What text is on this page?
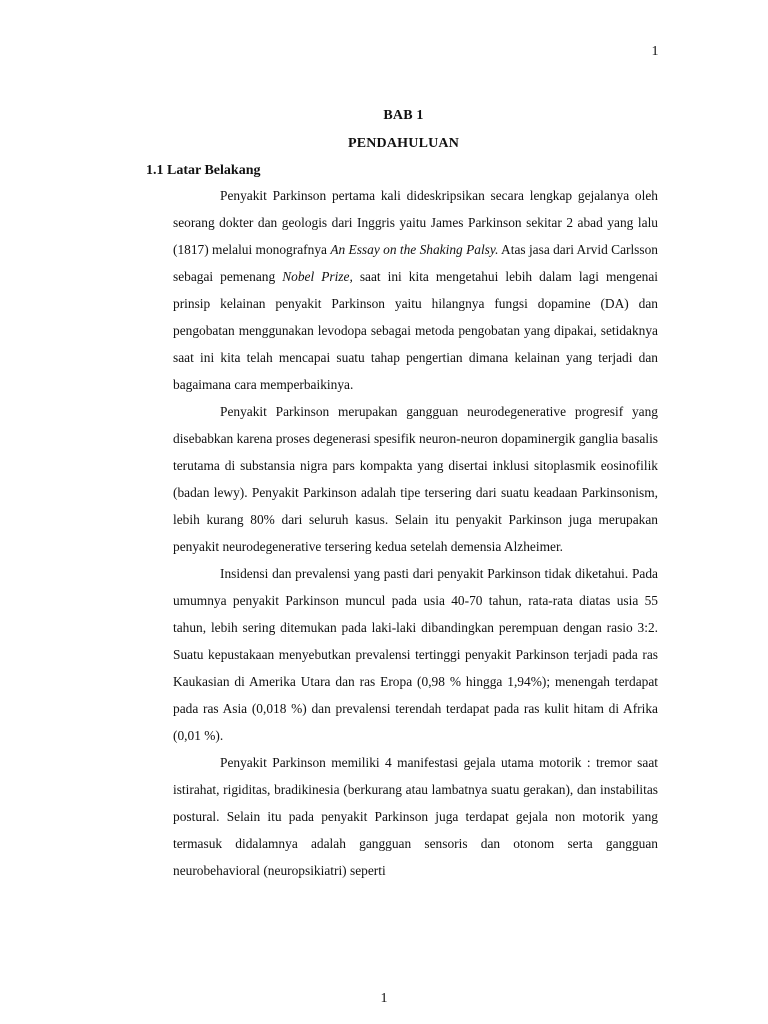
1
BAB 1
PENDAHULUAN
1.1 Latar Belakang

Penyakit Parkinson pertama kali dideskripsikan secara lengkap gejalanya oleh seorang dokter dan geologis dari Inggris yaitu James Parkinson sekitar 2 abad yang lalu (1817) melalui monografnya An Essay on the Shaking Palsy. Atas jasa dari Arvid Carlsson sebagai pemenang Nobel Prize, saat ini kita mengetahui lebih dalam lagi mengenai prinsip kelainan penyakit Parkinson yaitu hilangnya fungsi dopamine (DA) dan pengobatan menggunakan levodopa sebagai metoda pengobatan yang dipakai, setidaknya saat ini kita telah mencapai suatu tahap pengertian dimana kelainan yang terjadi dan bagaimana cara memperbaikinya.

Penyakit Parkinson merupakan gangguan neurodegenerative progresif yang disebabkan karena proses degenerasi spesifik neuron-neuron dopaminergik ganglia basalis terutama di substansia nigra pars kompakta yang disertai inklusi sitoplasmik eosinofilik (badan lewy). Penyakit Parkinson adalah tipe tersering dari suatu keadaan Parkinsonism, lebih kurang 80% dari seluruh kasus. Selain itu penyakit Parkinson juga merupakan penyakit neurodegenerative tersering kedua setelah demensia Alzheimer.

Insidensi dan prevalensi yang pasti dari penyakit Parkinson tidak diketahui. Pada umumnya penyakit Parkinson muncul pada usia 40-70 tahun, rata-rata diatas usia 55 tahun, lebih sering ditemukan pada laki-laki dibandingkan perempuan dengan rasio 3:2. Suatu kepustakaan menyebutkan prevalensi tertinggi penyakit Parkinson terjadi pada ras Kaukasian di Amerika Utara dan ras Eropa (0,98 % hingga 1,94%); menengah terdapat pada ras Asia (0,018 %) dan prevalensi terendah terdapat pada ras kulit hitam di Afrika (0,01 %).

Penyakit Parkinson memiliki 4 manifestasi gejala utama motorik : tremor saat istirahat, rigiditas, bradikinesia (berkurang atau lambatnya suatu gerakan), dan instabilitas postural. Selain itu pada penyakit Parkinson juga terdapat gejala non motorik yang termasuk didalamnya adalah gangguan sensoris dan otonom serta gangguan neurobehavioral (neuropsikiatri) seperti

1
